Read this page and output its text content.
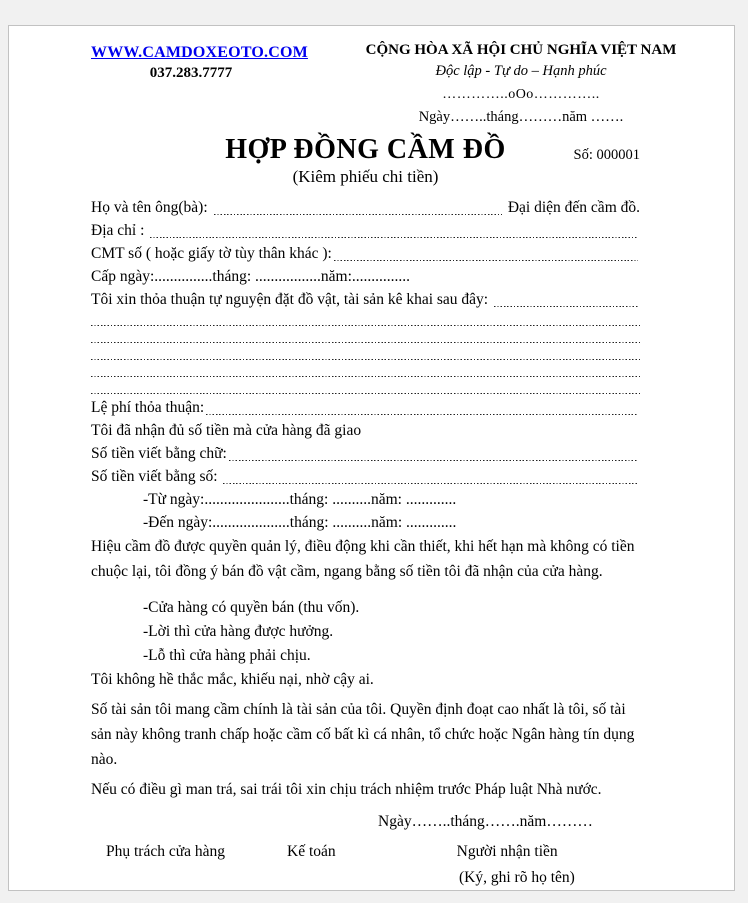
WWW.CAMDOXEOTO.COM
037.283.7777
CỘNG HÒA XÃ HỘI CHỦ NGHĨA VIỆT NAM
Độc lập - Tự do – Hạnh phúc
…………..oOo…………..
Ngày……..tháng………năm …….
HỢP ĐỒNG CẦM ĐỒ	Số: 000001
(Kiêm phiếu chi tiền)
Họ và tên ông(bà):	Đại diện đến cầm đồ.
Địa chỉ :
CMT số ( hoặc giấy tờ tùy thân khác ):
Cấp ngày:...............tháng: .................năm:...............
Tôi xin thỏa thuận tự nguyện đặt đồ vật, tài sản kê khai sau đây:
Lệ phí thỏa thuận:
Tôi đã nhận đủ số tiền mà cửa hàng đã giao
Số tiền viết bằng chữ:
Số tiền viết bằng số:
-Từ ngày:......................tháng: ..........năm: .............
-Đến ngày:....................tháng: ..........năm: .............

Hiệu cầm đồ được quyền quản lý, điều động khi cần thiết, khi hết hạn mà không có tiền chuộc lại, tôi đồng ý bán đồ vật cầm, ngang bằng số tiền tôi đã nhận của cửa hàng.

-Cửa hàng có quyền bán (thu vốn).
-Lời thì cửa hàng được hưởng.
-Lỗ thì cửa hàng phải chịu.
Tôi không hề thắc mắc, khiếu nại, nhờ cậy ai.

Số tài sản tôi mang cầm chính là tài sản của tôi. Quyền định đoạt cao nhất là tôi, số tài sản này không tranh chấp hoặc cầm cố bất kì cá nhân, tổ chức hoặc Ngân hàng tín dụng nào.

Nếu có điều gì man trá, sai trái tôi xin chịu trách nhiệm trước Pháp luật Nhà nước.

Ngày……..tháng…….năm………
Phụ trách cửa hàng	Kế toán	Người nhận tiền
(Ký, ghi rõ họ tên)
